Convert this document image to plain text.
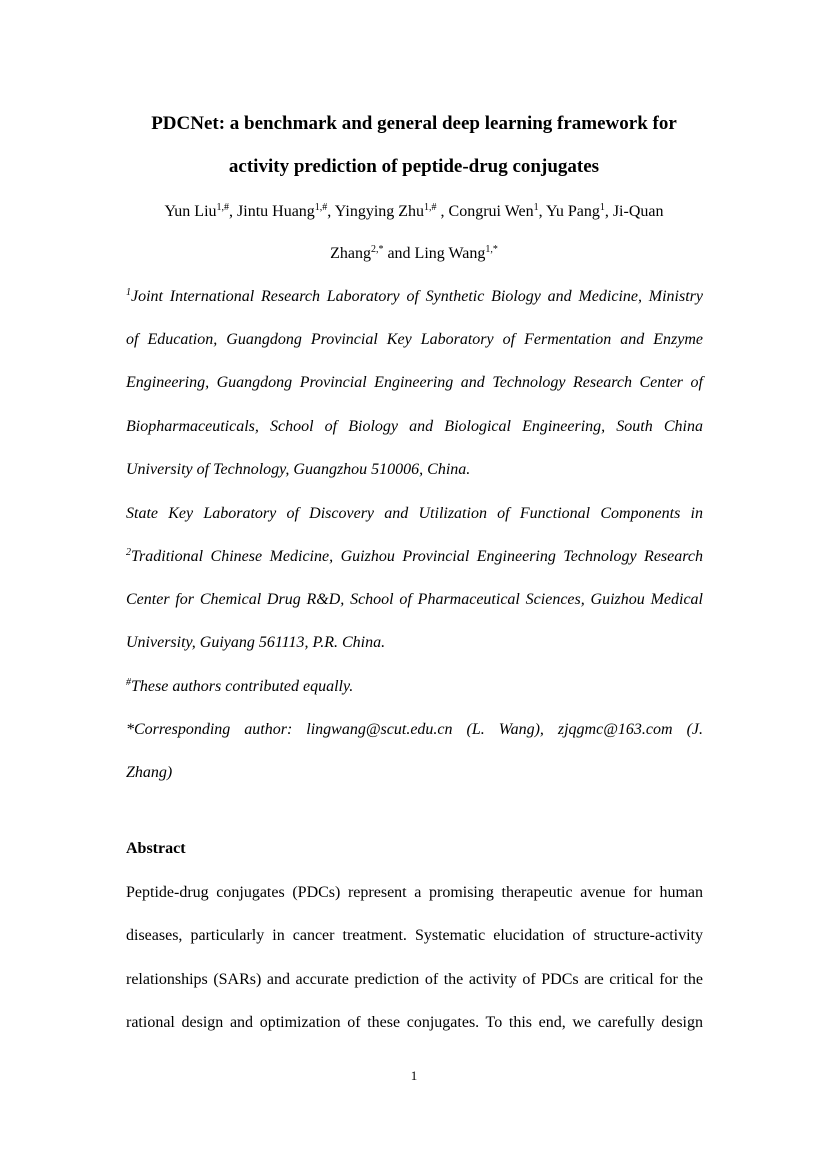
PDCNet: a benchmark and general deep learning framework for
activity prediction of peptide-drug conjugates
Yun Liu$^{1,\#}$, Jintu Huang$^{1,\#}$, Yingying Zhu$^{1,\#}$ , Congrui Wen$^1$, Yu Pang$^1$, Ji-Quan
Zhang$^{2,*}$ and Ling Wang$^{1,*}$
$^1$Joint International Research Laboratory of Synthetic Biology and Medicine, Ministry
of Education, Guangdong Provincial Key Laboratory of Fermentation and Enzyme
Engineering, Guangdong Provincial Engineering and Technology Research Center of
Biopharmaceuticals, School of Biology and Biological Engineering, South China
University of Technology, Guangzhou 510006, China.
State Key Laboratory of Discovery and Utilization of Functional Components in
$^2$Traditional Chinese Medicine, Guizhou Provincial Engineering Technology Research
Center for Chemical Drug R&D, School of Pharmaceutical Sciences, Guizhou Medical
University, Guiyang 561113, P.R. China.
#These authors contributed equally.
*Corresponding author: lingwang@scut.edu.cn (L. Wang), zjqgmc@163.com (J.
Zhang)
Abstract
Peptide-drug conjugates (PDCs) represent a promising therapeutic avenue for human
diseases, particularly in cancer treatment. Systematic elucidation of structure-activity
relationships (SARs) and accurate prediction of the activity of PDCs are critical for the
rational design and optimization of these conjugates. To this end, we carefully design
1
